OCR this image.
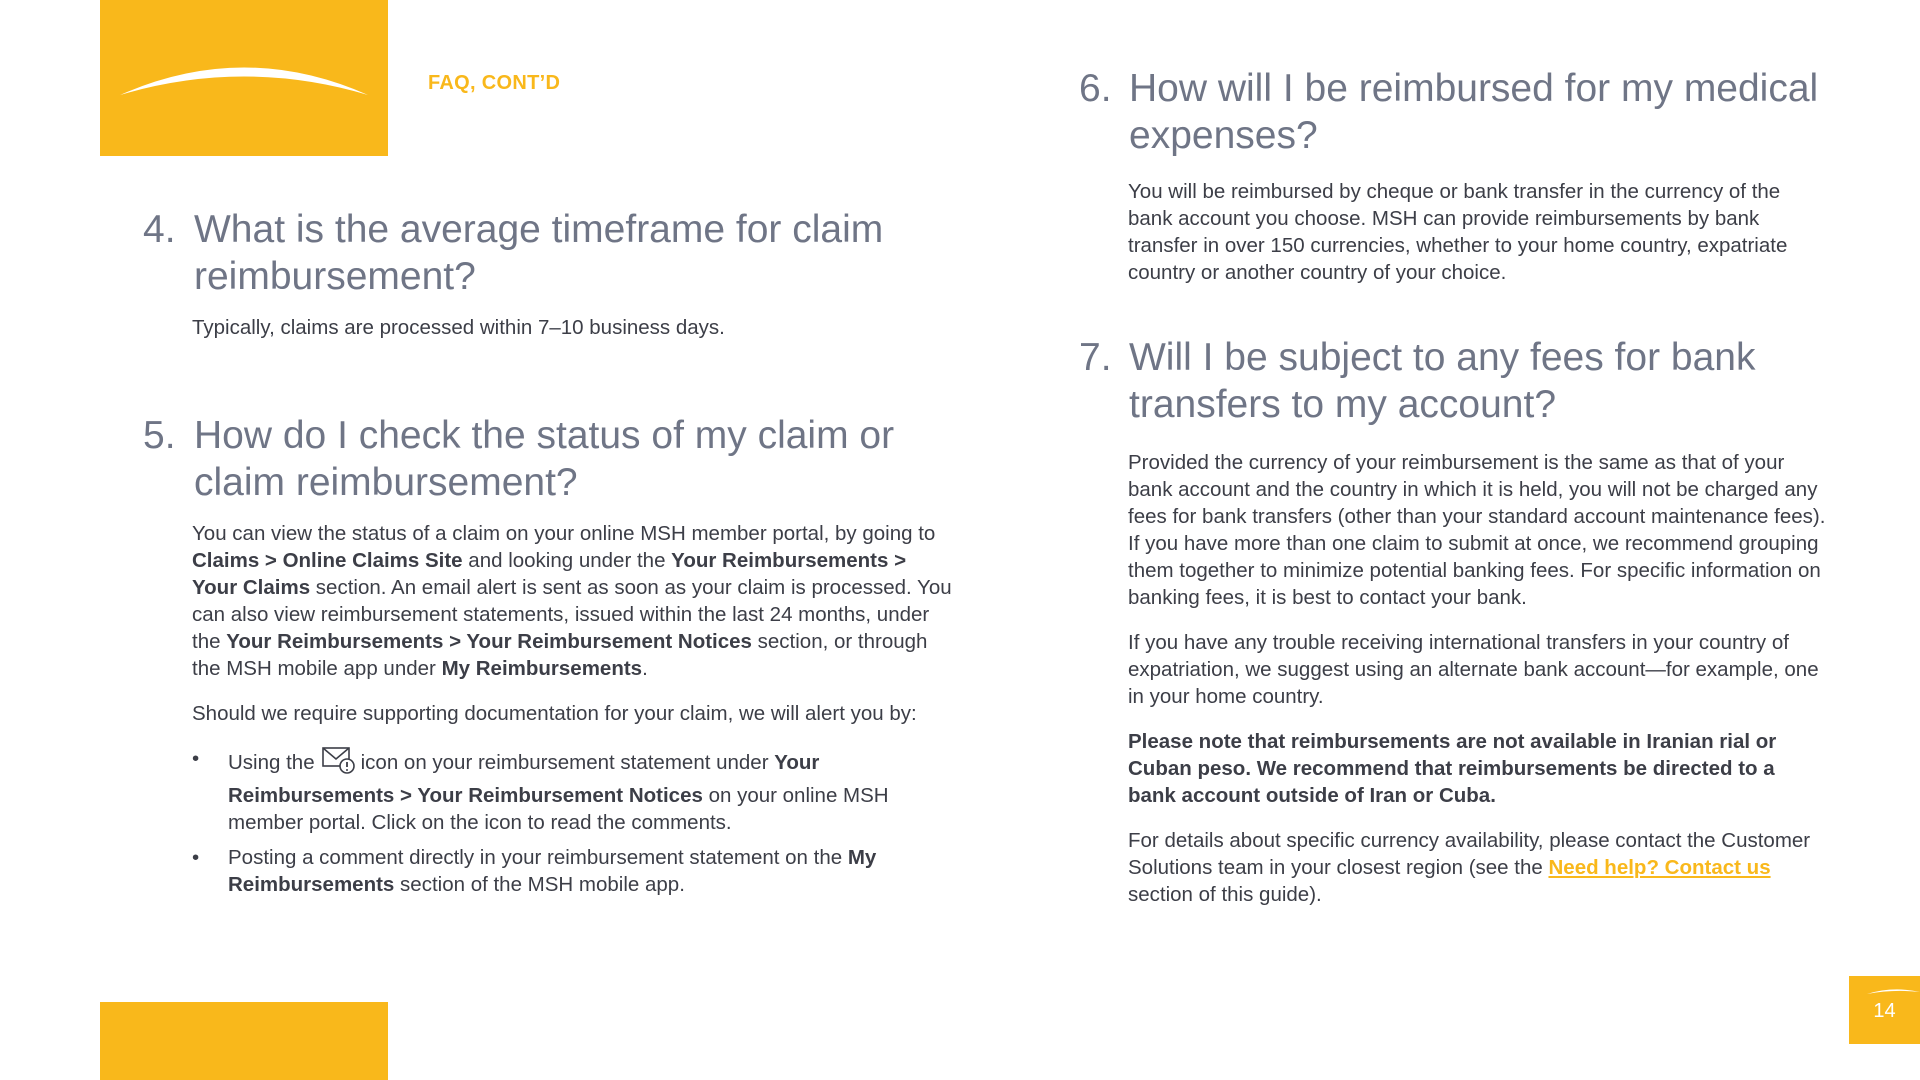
14
FAQ, CONT’D
4. What is the average timeframe for claim reimbursement?

Typically, claims are processed within 7–10 business days.

5. How do I check the status of my claim or claim reimbursement?

You can view the status of a claim on your online MSH member portal, by going to Claims > Online Claims Site and looking under the Your Reimbursements > Your Claims section. An email alert is sent as soon as your claim is processed. You can also view reimbursement statements, issued within the last 24 months, under the Your Reimbursements > Your Reimbursement Notices section, or through the MSH mobile app under My Reimbursements.

Should we require supporting documentation for your claim, we will alert you by:

• Using the icon on your reimbursement statement under Your Reimbursements > Your Reimbursement Notices on your online MSH member portal. Click on the icon to read the comments.
• Posting a comment directly in your reimbursement statement on the My Reimbursements section of the MSH mobile app.
6. How will I be reimbursed for my medical expenses?

You will be reimbursed by cheque or bank transfer in the currency of the bank account you choose. MSH can provide reimbursements by bank transfer in over 150 currencies, whether to your home country, expatriate country or another country of your choice.

7. Will I be subject to any fees for bank transfers to my account?

Provided the currency of your reimbursement is the same as that of your bank account and the country in which it is held, you will not be charged any fees for bank transfers (other than your standard account maintenance fees). If you have more than one claim to submit at once, we recommend grouping them together to minimize potential banking fees. For specific information on banking fees, it is best to contact your bank.

If you have any trouble receiving international transfers in your country of expatriation, we suggest using an alternate bank account—for example, one in your home country.

Please note that reimbursements are not available in Iranian rial or Cuban peso. We recommend that reimbursements be directed to a bank account outside of Iran or Cuba.

For details about specific currency availability, please contact the Customer Solutions team in your closest region (see the Need help? Contact us section of this guide).
